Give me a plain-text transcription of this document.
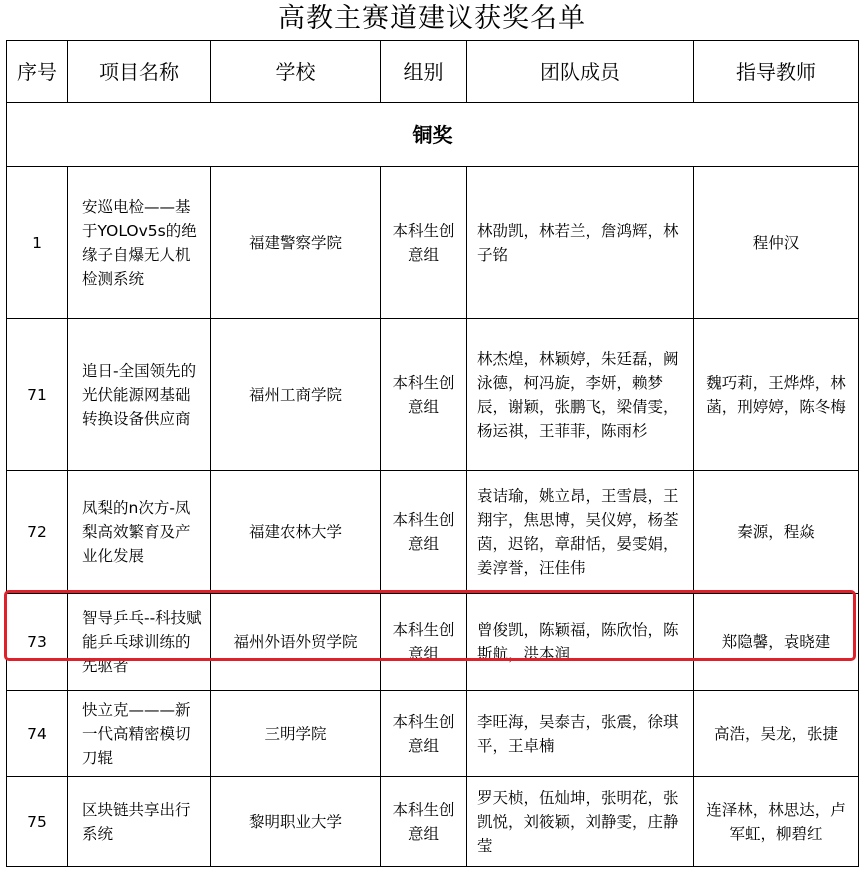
高教主赛道建议获奖名单
序号	项目名称	学校	组别	团队成员	指导教师
铜奖					
1	安巡电检——基于YOLOv5s的绝缘子自爆无人机检测系统	福建警察学院	本科生创意组	林劭凯，林若兰，詹鸿辉，林子铭	程仲汉
71	追日-全国领先的光伏能源网基础转换设备供应商	福州工商学院	本科生创意组	林杰煌，林颖婷，朱廷磊，阙泳德，柯冯旋，李妍，赖梦辰，谢颖，张鹏飞，梁倩雯，杨运祺，王菲菲，陈雨杉	魏巧莉，王烨烨，林菡，刑婷婷，陈冬梅
72	凤梨的n次方-凤梨高效繁育及产业化发展	福建农林大学	本科生创意组	袁诘瑜，姚立昂，王雪晨，王翔宇，焦思博，吴仪婷，杨荃茵，迟铭，章甜恬，晏雯娟，姜淳誉，汪佳伟	秦源，程焱
73	智导乒乓--科技赋能乒乓球训练的先驱者	福州外语外贸学院	本科生创意组	曾俊凯，陈颖福，陈欣怡，陈斯航，洪本润	郑隐馨，袁晓建
74	快立克———新一代高精密模切刀辊	三明学院	本科生创意组	李旺海，吴泰吉，张震，徐琪平，王卓楠	高浩，吴龙，张捷
75	区块链共享出行系统	黎明职业大学	本科生创意组	罗天桢，伍灿坤，张明花，张凯悦，刘筱颖，刘静雯，庄静莹	连泽林，林思达，卢军虹，柳碧红
